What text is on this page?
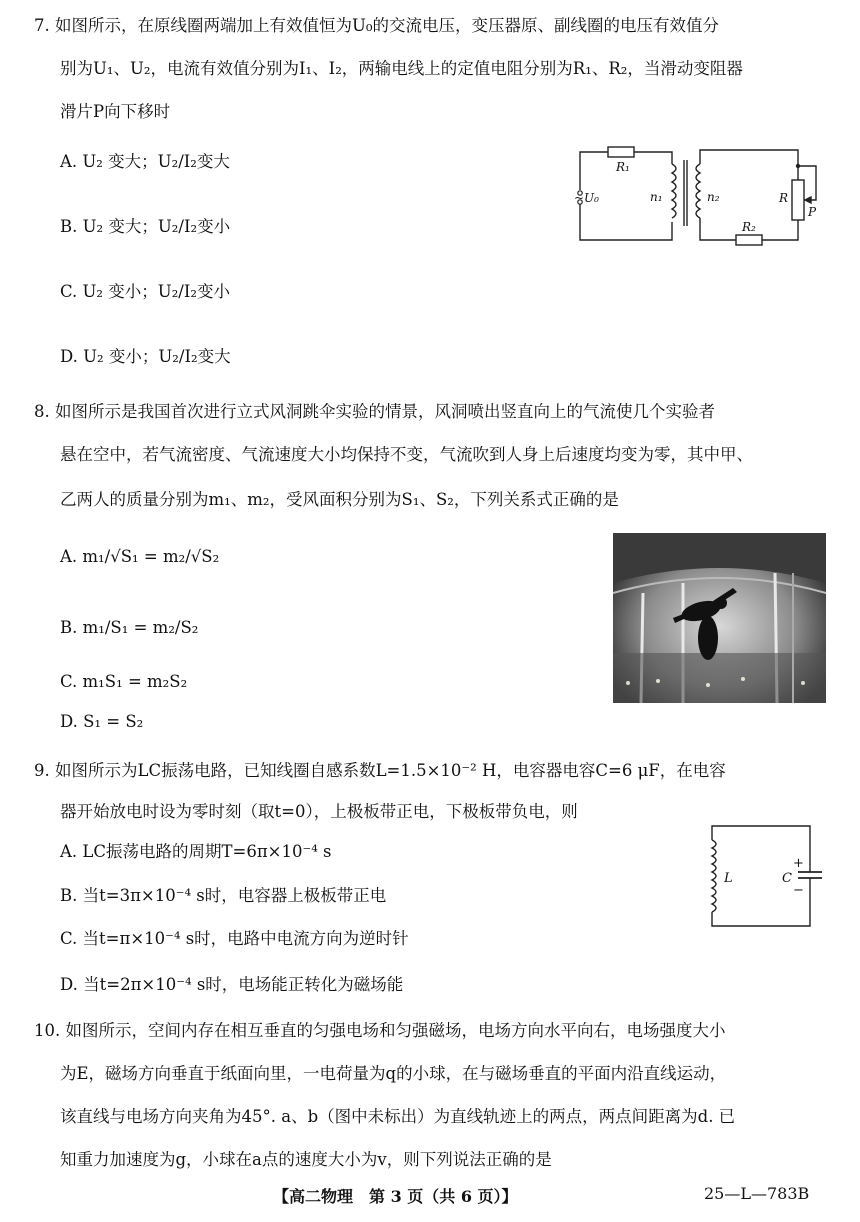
7. 如图所示，在原线圈两端加上有效值恒为U₀的交流电压，变压器原、副线圈的电压有效值分
别为U₁、U₂，电流有效值分别为I₁、I₂，两输电线上的定值电阻分别为R₁、R₂，当滑动变阻器
滑片P向下移时
A. U₂ 变大；U₂/I₂变大
B. U₂ 变大；U₂/I₂变小
C. U₂ 变小；U₂/I₂变小
D. U₂ 变小；U₂/I₂变大
R₁
~U₀	n₁	n₂
R₂
R
P
8. 如图所示是我国首次进行立式风洞跳伞实验的情景，风洞喷出竖直向上的气流使几个实验者
悬在空中，若气流密度、气流速度大小均保持不变，气流吹到人身上后速度均变为零，其中甲、
乙两人的质量分别为m₁、m₂，受风面积分别为S₁、S₂，下列关系式正确的是
A. m₁/√S₁ = m₂/√S₂
B. m₁/S₁ = m₂/S₂
C. m₁S₁ = m₂S₂
D. S₁ = S₂
9. 如图所示为LC振荡电路，已知线圈自感系数L=1.5×10⁻² H，电容器电容C=6 μF，在电容
器开始放电时设为零时刻（取t=0），上极板带正电，下极板带负电，则
A. LC振荡电路的周期T=6π×10⁻⁴ s
B. 当t=3π×10⁻⁴ s时，电容器上极板带正电
C. 当t=π×10⁻⁴ s时，电路中电流方向为逆时针
D. 当t=2π×10⁻⁴ s时，电场能正转化为磁场能
L	C
+
−
10. 如图所示，空间内存在相互垂直的匀强电场和匀强磁场，电场方向水平向右，电场强度大小
为E，磁场方向垂直于纸面向里，一电荷量为q的小球，在与磁场垂直的平面内沿直线运动，
该直线与电场方向夹角为45°. a、b（图中未标出）为直线轨迹上的两点，两点间距离为d. 已
知重力加速度为g，小球在a点的速度大小为v，则下列说法正确的是
【高二物理　第 3 页（共 6 页）】	25—L—783B
